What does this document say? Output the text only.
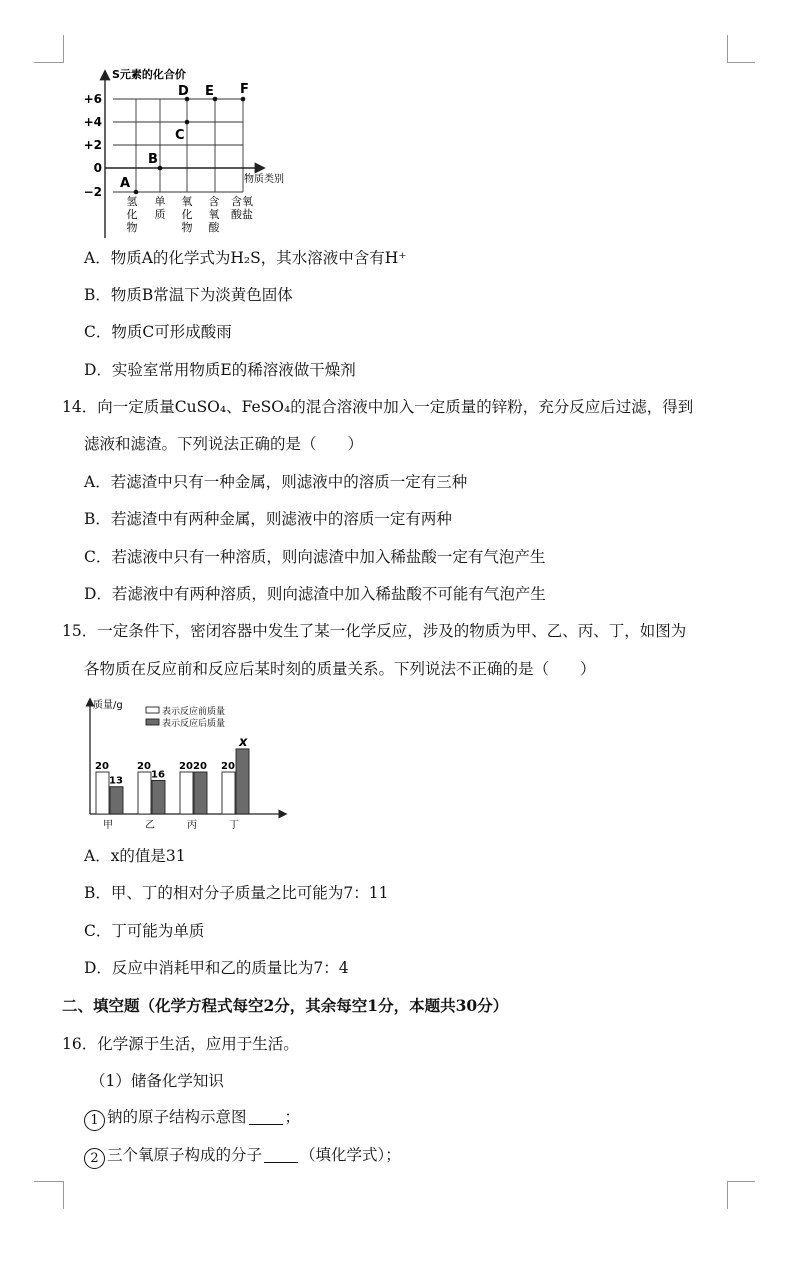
S元素的化合价
物质类别
+6
+4
+2
0
−2
A
B
C
D E F
氢
化
物
单
质
氧
化
物
含
氧
酸
含氧
酸盐
A．物质A的化学式为H₂S，其水溶液中含有H⁺
B．物质B常温下为淡黄色固体
C．物质C可形成酸雨
D．实验室常用物质E的稀溶液做干燥剂
14．向一定质量CuSO₄、FeSO₄的混合溶液中加入一定质量的锌粉，充分反应后过滤，得到
滤液和滤渣。下列说法正确的是（　　）
A．若滤渣中只有一种金属，则滤液中的溶质一定有三种
B．若滤渣中有两种金属，则滤液中的溶质一定有两种
C．若滤液中只有一种溶质，则向滤渣中加入稀盐酸一定有气泡产生
D．若滤液中有两种溶质，则向滤渣中加入稀盐酸不可能有气泡产生
15．一定条件下，密闭容器中发生了某一化学反应，涉及的物质为甲、乙、丙、丁，如图为
各物质在反应前和反应后某时刻的质量关系。下列说法不正确的是（　　）
质量/g
表示反应前质量
表示反应后质量
20
13
甲
20
16
乙
20 20
丙
20
x
丁
A．x的值是31
B．甲、丁的相对分子质量之比可能为7：11
C．丁可能为单质
D．反应中消耗甲和乙的质量比为7：4
二、填空题（化学方程式每空2分，其余每空1分，本题共30分）
16．化学源于生活，应用于生活。
（1）储备化学知识
1 钠的原子结构示意图 ；
2 三个氧原子构成的分子 （填化学式）；
